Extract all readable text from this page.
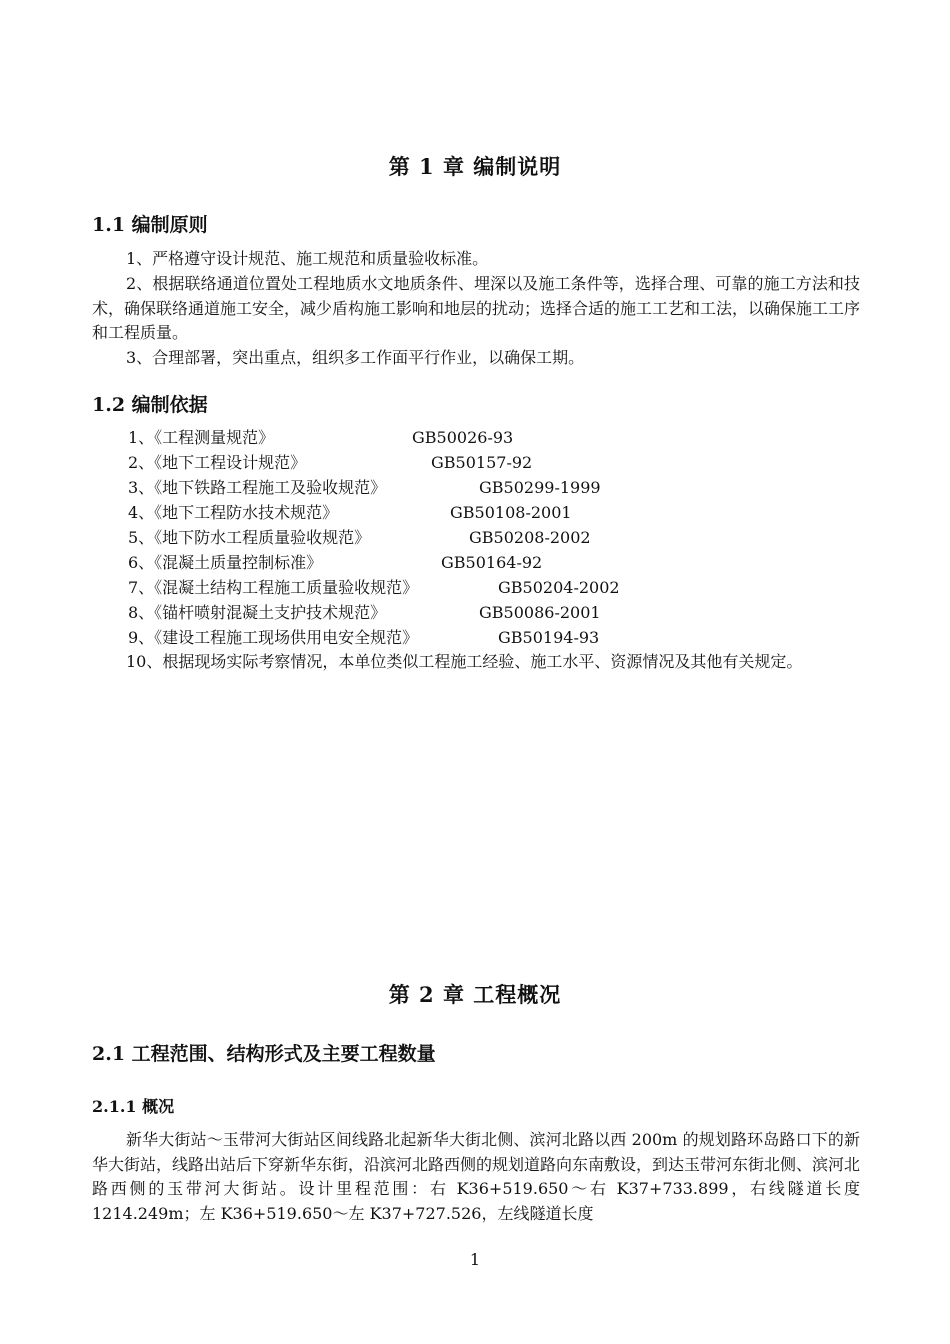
第 1 章 编制说明
1.1 编制原则

1、严格遵守设计规范、施工规范和质量验收标准。

2、根据联络通道位置处工程地质水文地质条件、埋深以及施工条件等，选择合理、可靠的施工方法和技术，确保联络通道施工安全，减少盾构施工影响和地层的扰动；选择合适的施工工艺和工法，以确保施工工序和工程质量。

3、合理部署，突出重点，组织多工作面平行作业，以确保工期。

1.2 编制依据
1、《工程测量规范》	GB50026-93
2、《地下工程设计规范》	GB50157-92
3、《地下铁路工程施工及验收规范》	GB50299-1999
4、《地下工程防水技术规范》	GB50108-2001
5、《地下防水工程质量验收规范》	GB50208-2002
6、《混凝土质量控制标准》	GB50164-92
7、《混凝土结构工程施工质量验收规范》	GB50204-2002
8、《锚杆喷射混凝土支护技术规范》	GB50086-2001
9、《建设工程施工现场供用电安全规范》	GB50194-93

10、根据现场实际考察情况，本单位类似工程施工经验、施工水平、资源情况及其他有关规定。

第 2 章 工程概况
2.1 工程范围、结构形式及主要工程数量
2.1.1 概况

新华大街站～玉带河大街站区间线路北起新华大街北侧、滨河北路以西 200m 的规划路环岛路口下的新华大街站，线路出站后下穿新华东街，沿滨河北路西侧的规划道路向东南敷设，到达玉带河东街北侧、滨河北路西侧的玉带河大街站。设计里程范围：右 K36+519.650～右 K37+733.899，右线隧道长度 1214.249m；左 K36+519.650～左 K37+727.526，左线隧道长度

1
